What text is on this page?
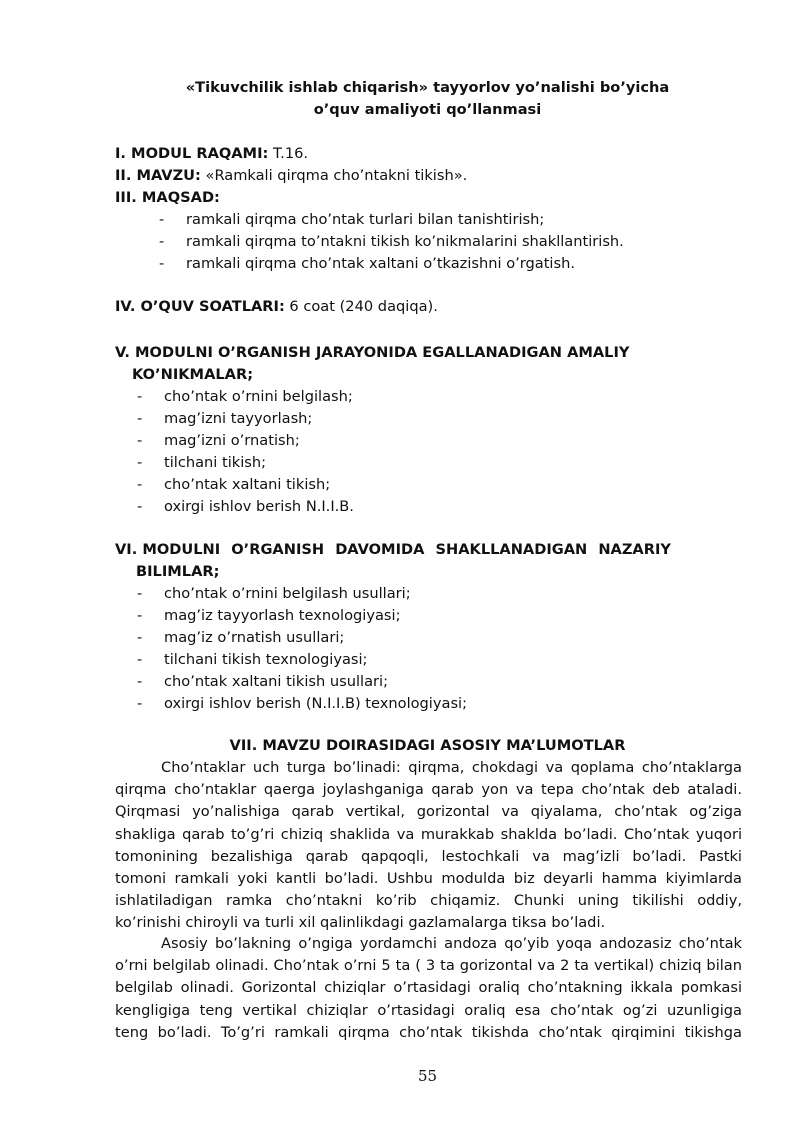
«Tikuvchilik ishlab chiqarish» tayyorlov yo’nalishi bo’yicha
o’quv amaliyoti qo’llanmasi
I. MODUL RAQAMI: T.16.
II. MAVZU: «Ramkali qirqma cho’ntakni tikish».
III. MAQSAD:
- ramkali qirqma cho’ntak turlari bilan tanishtirish;
- ramkali qirqma to’ntakni tikish ko’nikmalarini shakllantirish.
- ramkali qirqma cho’ntak xaltani o’tkazishni o’rgatish.
IV. O’QUV SOATLARI: 6 coat (240 daqiqa).
V. MODULNI O’RGANISH JARAYONIDA EGALLANADIGAN AMALIY
KO’NIKMALAR;
- cho’ntak o’rnini belgilash;
- mag’izni tayyorlash;
- mag’izni o’rnatish;
- tilchani tikish;
- cho’ntak xaltani tikish;
- oxirgi ishlov berish N.I.I.B.
VI. MODULNI O’RGANISH DAVOMIDA SHAKLLANADIGAN NAZARIY
BILIMLAR;
- cho’ntak o’rnini belgilash usullari;
- mag’iz tayyorlash texnologiyasi;
- mag’iz o’rnatish usullari;
- tilchani tikish texnologiyasi;
- cho’ntak xaltani tikish usullari;
- oxirgi ishlov berish (N.I.I.B) texnologiyasi;
VII. MAVZU DOIRASIDAGI ASOSIY MA’LUMOTLAR
Cho’ntaklar uch turga bo’linadi: qirqma, chokdagi va qoplama cho’ntaklarga
qirqma cho’ntaklar qaerga joylashganiga qarab yon va tepa cho’ntak deb ataladi.
Qirqmasi yo’nalishiga qarab vertikal, gorizontal va qiyalama, cho’ntak og’ziga
shakliga qarab to’g’ri chiziq shaklida va murakkab shaklda bo’ladi. Cho’ntak yuqori
tomonining bezalishiga qarab qapqoqli, lestochkali va mag’izli bo’ladi. Pastki
tomoni ramkali yoki kantli bo’ladi. Ushbu modulda biz deyarli hamma kiyimlarda
ishlatiladigan ramka cho’ntakni ko’rib chiqamiz. Chunki uning tikilishi oddiy,
ko’rinishi chiroyli va turli xil qalinlikdagi gazlamalarga tiksa bo’ladi.
Asosiy bo’lakning o’ngiga yordamchi andoza qo’yib yoqa andozasiz cho’ntak
o’rni belgilab olinadi. Cho’ntak o’rni 5 ta ( 3 ta gorizontal va 2 ta vertikal) chiziq bilan
belgilab olinadi. Gorizontal chiziqlar o’rtasidagi oraliq cho’ntakning ikkala pomkasi
kengligiga teng vertikal chiziqlar o’rtasidagi oraliq esa cho’ntak og’zi uzunligiga
teng bo’ladi. To’g’ri ramkali qirqma cho’ntak tikishda cho’ntak qirqimini tikishga
55
